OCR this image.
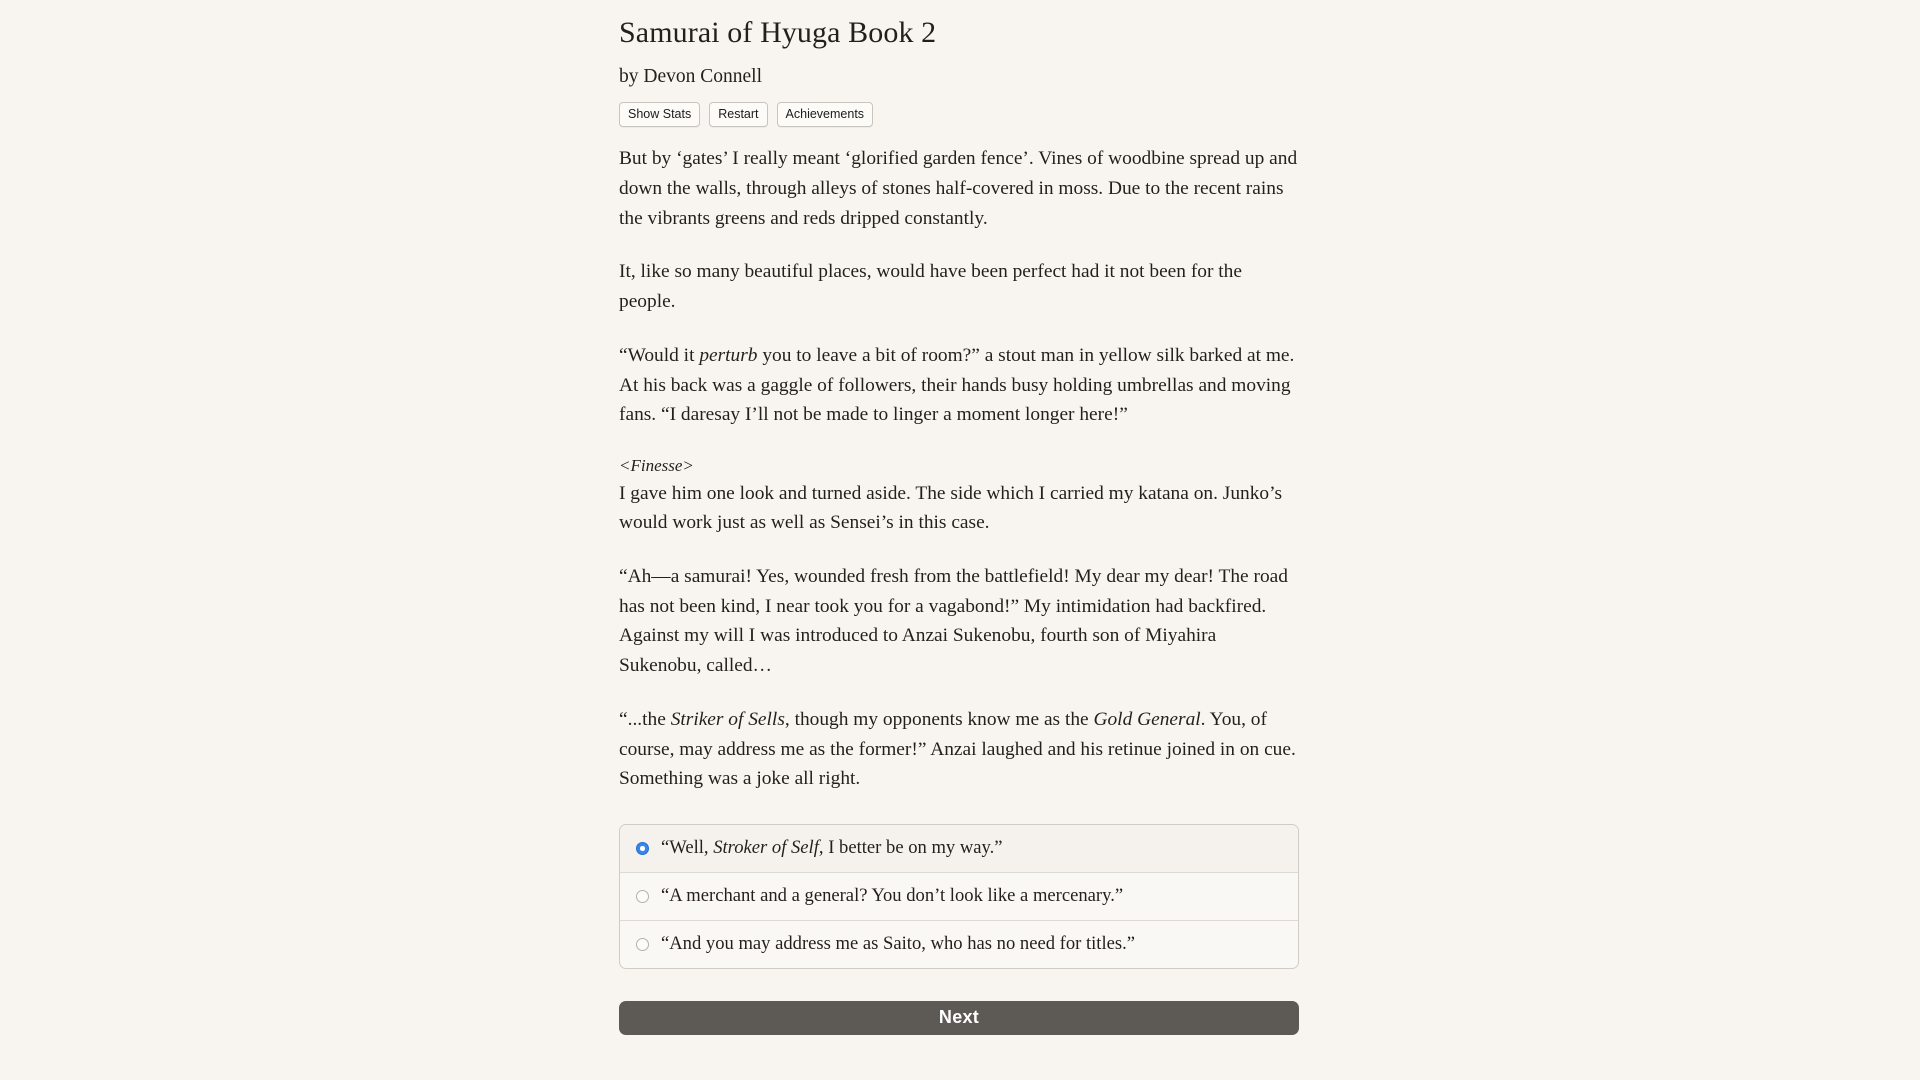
Samurai of Hyuga Book 2
by Devon Connell
Show Stats	Restart	Achievements

But by ‘gates’ I really meant ‘glorified garden fence’. Vines of woodbine spread up and down the walls, through alleys of stones half-covered in moss. Due to the recent rains the vibrants greens and reds dripped constantly.

It, like so many beautiful places, would have been perfect had it not been for the people.

“Would it perturb you to leave a bit of room?” a stout man in yellow silk barked at me. At his back was a gaggle of followers, their hands busy holding umbrellas and moving fans. “I daresay I’ll not be made to linger a moment longer here!”

<Finesse>
I gave him one look and turned aside. The side which I carried my katana on. Junko’s would work just as well as Sensei’s in this case.

“Ah—a samurai! Yes, wounded fresh from the battlefield! My dear my dear! The road has not been kind, I near took you for a vagabond!” My intimidation had backfired. Against my will I was introduced to Anzai Sukenobu, fourth son of Miyahira Sukenobu, called…

“...the Striker of Sells, though my opponents know me as the Gold General. You, of course, may address me as the former!” Anzai laughed and his retinue joined in on cue. Something was a joke all right.

“Well, Stroker of Self, I better be on my way.”
“A merchant and a general? You don’t look like a mercenary.”
“And you may address me as Saito, who has no need for titles.”
Next
